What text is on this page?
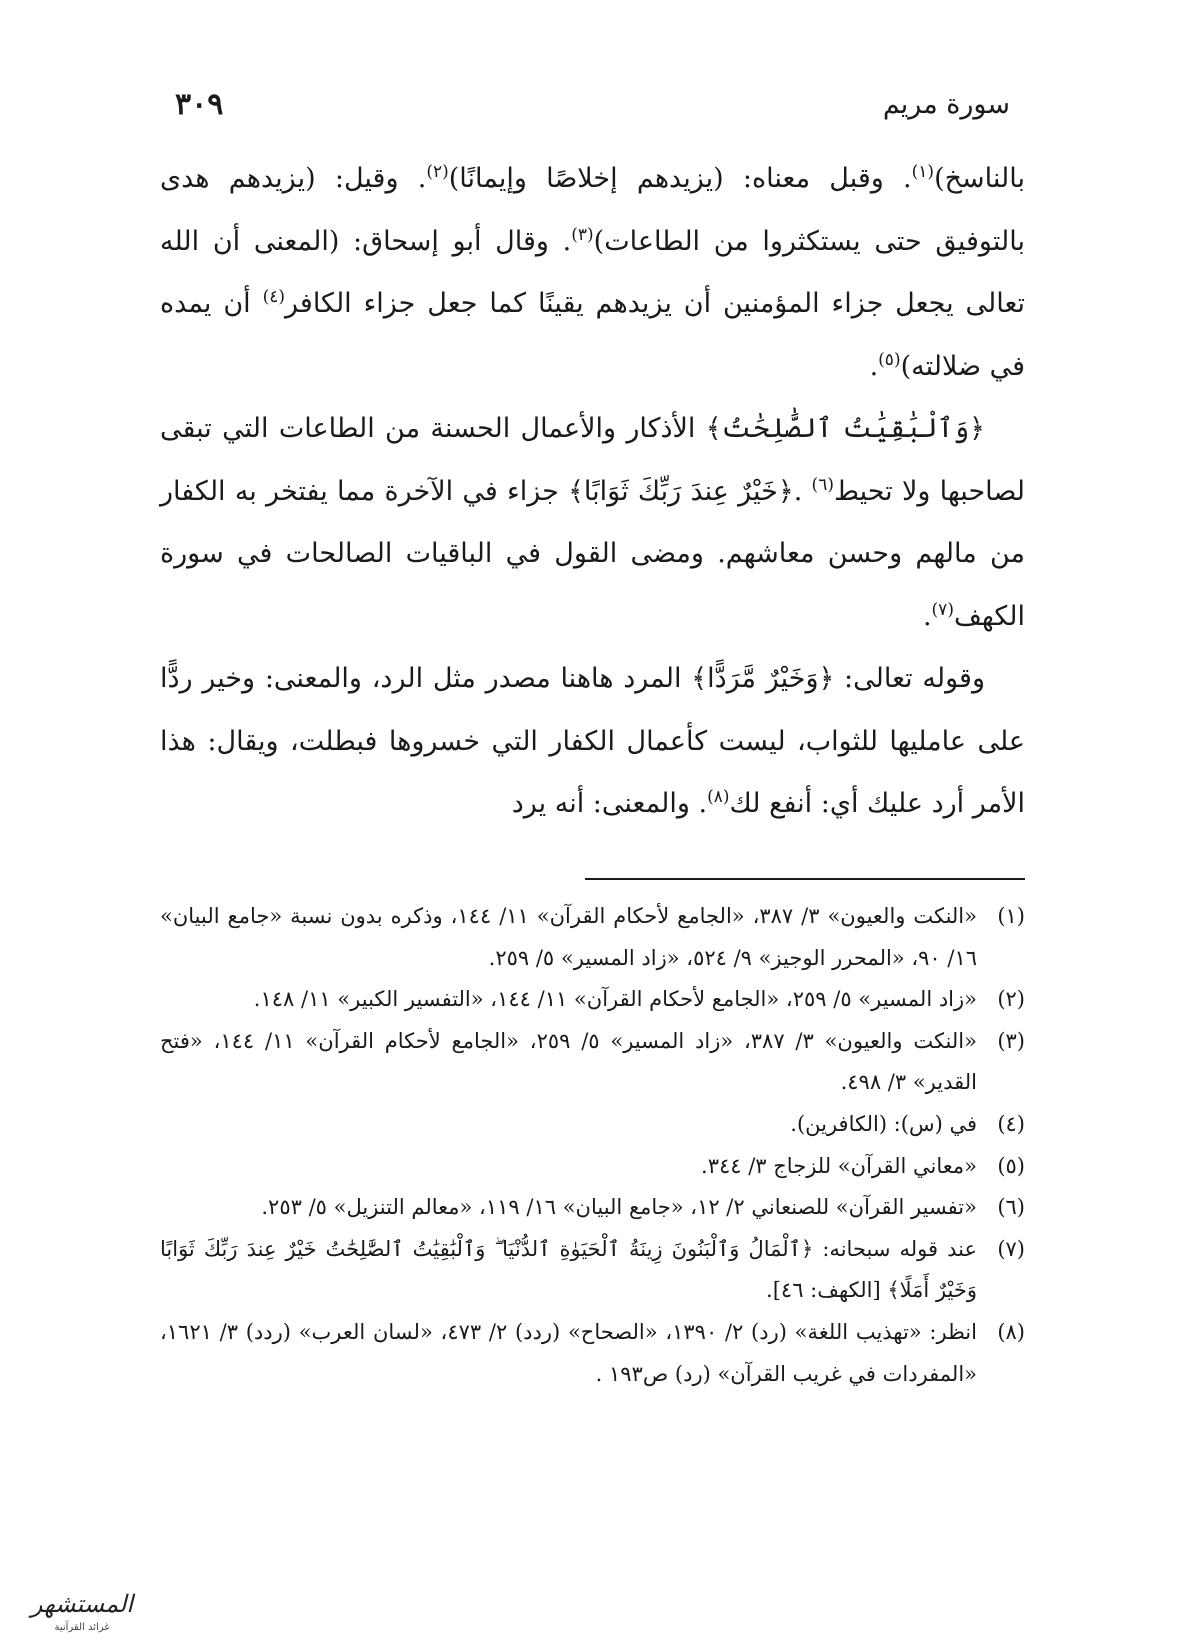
سورة مريم
٣٠٩

بالناسخ)$^{(١)}$. وقبل معناه: (يزيدهم إخلاصًا وإيمانًا)$^{(٢)}$. وقيل: (يزيدهم هدى بالتوفيق حتى يستكثروا من الطاعات)$^{(٣)}$. وقال أبو إسحاق: (المعنى أن الله تعالى يجعل جزاء المؤمنين أن يزيدهم يقينًا كما جعل جزاء الكافر$^{(٤)}$ أن يمده في ضلالته)$^{(٥)}$.

﴿وَٱلْبَٰقِيَٰتُ ٱلصَّٰلِحَٰتُ﴾ الأذكار والأعمال الحسنة من الطاعات التي تبقى لصاحبها ولا تحيط$^{(٦)}$ .﴿خَيْرٌ عِندَ رَبِّكَ ثَوَابًا﴾ جزاء في الآخرة مما يفتخر به الكفار من مالهم وحسن معاشهم. ومضى القول في الباقيات الصالحات في سورة الكهف$^{(٧)}$.

وقوله تعالى: ﴿وَخَيْرٌ مَّرَدًّا﴾ المرد هاهنا مصدر مثل الرد، والمعنى: وخير ردًّا على عامليها للثواب، ليست كأعمال الكفار التي خسروها فبطلت، ويقال: هذا الأمر أرد عليك أي: أنفع لك$^{(٨)}$. والمعنى: أنه يرد

(١)
«النكت والعيون» ٣/ ٣٨٧، «الجامع لأحكام القرآن» ١١/ ١٤٤، وذكره بدون نسبة «جامع البيان» ١٦/ ٩٠، «المحرر الوجيز» ٩/ ٥٢٤، «زاد المسير» ٥/ ٢٥٩.
(٢)
«زاد المسير» ٥/ ٢٥٩، «الجامع لأحكام القرآن» ١١/ ١٤٤، «التفسير الكبير» ١١/ ١٤٨.
(٣)
«النكت والعيون» ٣/ ٣٨٧، «زاد المسير» ٥/ ٢٥٩، «الجامع لأحكام القرآن» ١١/ ١٤٤، «فتح القدير» ٣/ ٤٩٨.
(٤)
في (س): (الكافرين).
(٥)
«معاني القرآن» للزجاج ٣/ ٣٤٤.
(٦)
«تفسير القرآن» للصنعاني ٢/ ١٢، «جامع البيان» ١٦/ ١١٩، «معالم التنزيل» ٥/ ٢٥٣.
(٧)
عند قوله سبحانه: ﴿ٱلْمَالُ وَٱلْبَنُونَ زِينَةُ ٱلْحَيَوٰةِ ٱلدُّنْيَا ۖ وَٱلْبَٰقِيَٰتُ ٱلصَّٰلِحَٰتُ خَيْرٌ عِندَ رَبِّكَ ثَوَابًا وَخَيْرٌ أَمَلًا﴾ [الكهف: ٤٦].
(٨)
انظر: «تهذيب اللغة» (رد) ٢/ ١٣٩٠، «الصحاح» (ردد) ٢/ ٤٧٣، «لسان العرب» (ردد) ٣/ ١٦٢١، «المفردات في غريب القرآن» (رد) ص١٩٣ .
المستشهر
غرائد القرآنية
